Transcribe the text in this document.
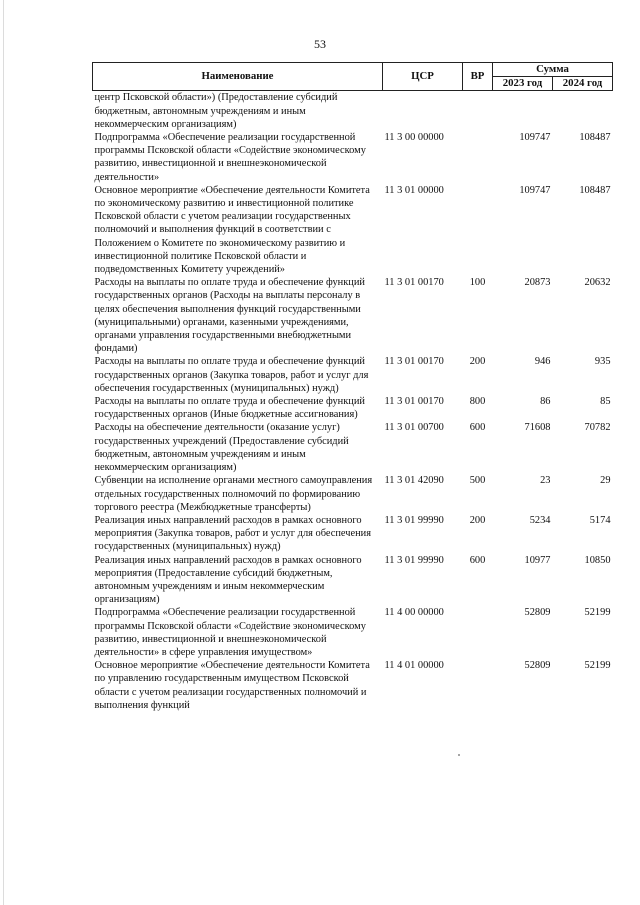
53
Наименование	ЦСР	ВР	Сумма	
			2023 год	2024 год
центр Псковской области») (Предоставление субсидий бюджетным, автономным учреждениям и иным некоммерческим организациям)				
Подпрограмма «Обеспечение реализации государственной программы Псковской области «Содействие экономическому развитию, инвестиционной и внешнеэкономической деятельности»	11 3 00 00000		109747	108487
Основное мероприятие «Обеспечение деятельности Комитета по экономическому развитию и инвестиционной политике Псковской области с учетом реализации государственных полномочий и выполнения функций в соответствии с Положением о Комитете по экономическому развитию и инвестиционной политике Псковской области и подведомственных Комитету учреждений»	11 3 01 00000		109747	108487
Расходы на выплаты по оплате труда и обеспечение функций государственных органов (Расходы на выплаты персоналу в целях обеспечения выполнения функций государственными (муниципальными) органами, казенными учреждениями, органами управления государственными внебюджетными фондами)	11 3 01 00170	100	20873	20632
Расходы на выплаты по оплате труда и обеспечение функций государственных органов (Закупка товаров, работ и услуг для обеспечения государственных (муниципальных) нужд)	11 3 01 00170	200	946	935
Расходы на выплаты по оплате труда и обеспечение функций государственных органов (Иные бюджетные ассигнования)	11 3 01 00170	800	86	85
Расходы на обеспечение деятельности (оказание услуг) государственных учреждений (Предоставление субсидий бюджетным, автономным учреждениям и иным некоммерческим организациям)	11 3 01 00700	600	71608	70782
Субвенции на исполнение органами местного самоуправления отдельных государственных полномочий по формированию торгового реестра (Межбюджетные трансферты)	11 3 01 42090	500	23	29
Реализация иных направлений расходов в рамках основного мероприятия (Закупка товаров, работ и услуг для обеспечения государственных (муниципальных) нужд)	11 3 01 99990	200	5234	5174
Реализация иных направлений расходов в рамках основного мероприятия (Предоставление субсидий бюджетным, автономным учреждениям и иным некоммерческим организациям)	11 3 01 99990	600	10977	10850
Подпрограмма «Обеспечение реализации государственной программы Псковской области «Содействие экономическому развитию, инвестиционной и внешнеэкономической деятельности» в сфере управления имуществом»	11 4 00 00000		52809	52199
Основное мероприятие «Обеспечение деятельности Комитета по управлению государственным имуществом Псковской области с учетом реализации государственных полномочий и выполнения функций	11 4 01 00000		52809	52199
